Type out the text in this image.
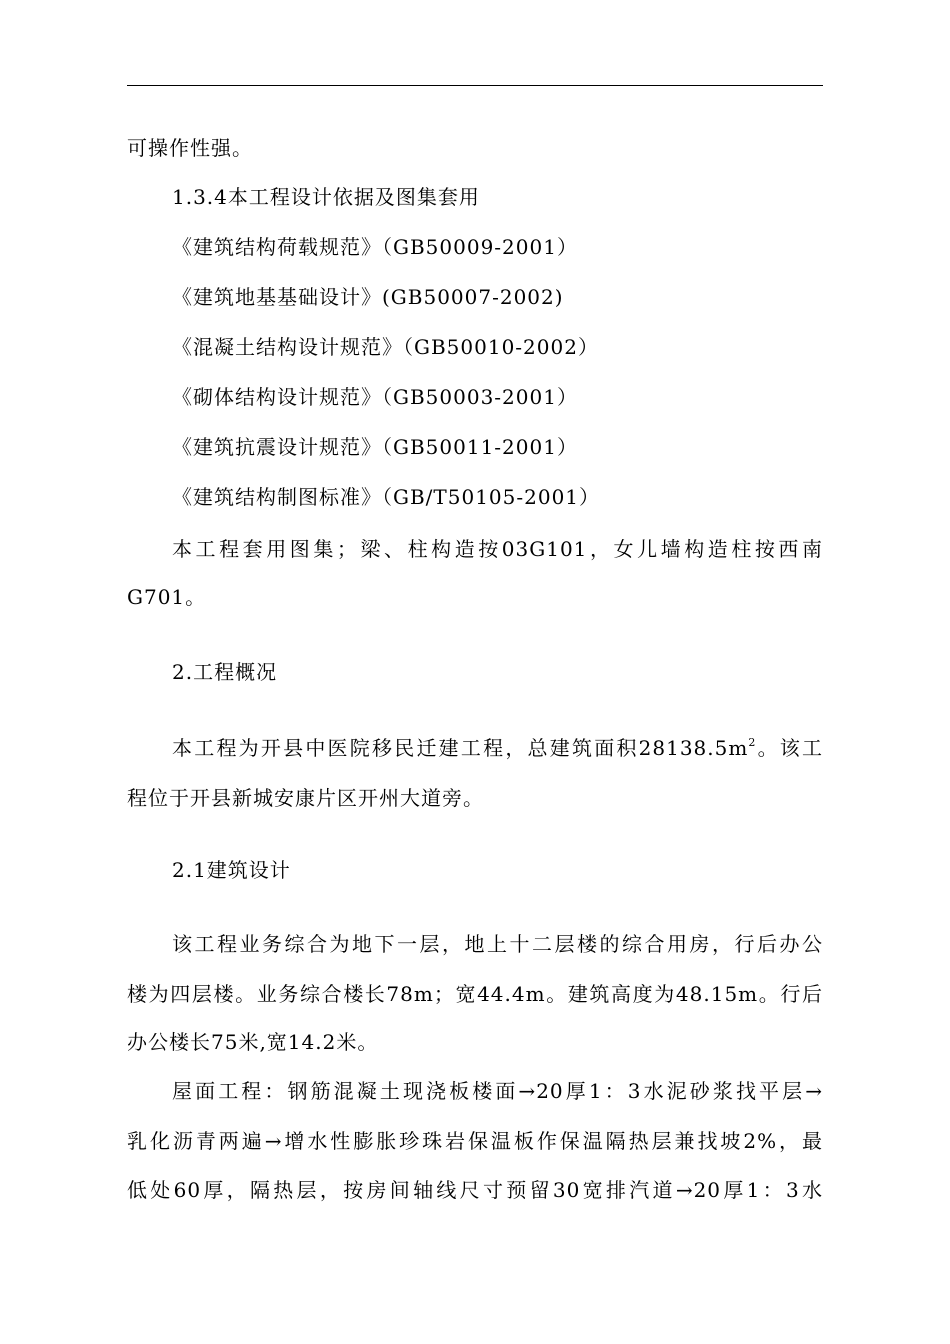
可操作性强。
1.3.4本工程设计依据及图集套用
《建筑结构荷载规范》（GB50009-2001）
《建筑地基基础设计》(GB50007-2002)
《混凝土结构设计规范》（GB50010-2002）
《砌体结构设计规范》（GB50003-2001）
《建筑抗震设计规范》（GB50011-2001）
《建筑结构制图标准》（GB/T50105-2001）
本工程套用图集；梁、柱构造按03G101，女儿墙构造柱按西南
G701。
2.工程概况
本工程为开县中医院移民迁建工程，总建筑面积$28138.5m^2$。该工
程位于开县新城安康片区开州大道旁。
2.1建筑设计
该工程业务综合为地下一层，地上十二层楼的综合用房，行后办公
楼为四层楼。业务综合楼长78m；宽44.4m。建筑高度为48.15m。行后
办公楼长75米,宽14.2米。
屋面工程：钢筋混凝土现浇板楼面→20厚1：3水泥砂浆找平层→
乳化沥青两遍→增水性膨胀珍珠岩保温板作保温隔热层兼找坡2%，最
低处60厚，隔热层，按房间轴线尺寸预留30宽排汽道→20厚1：3水
